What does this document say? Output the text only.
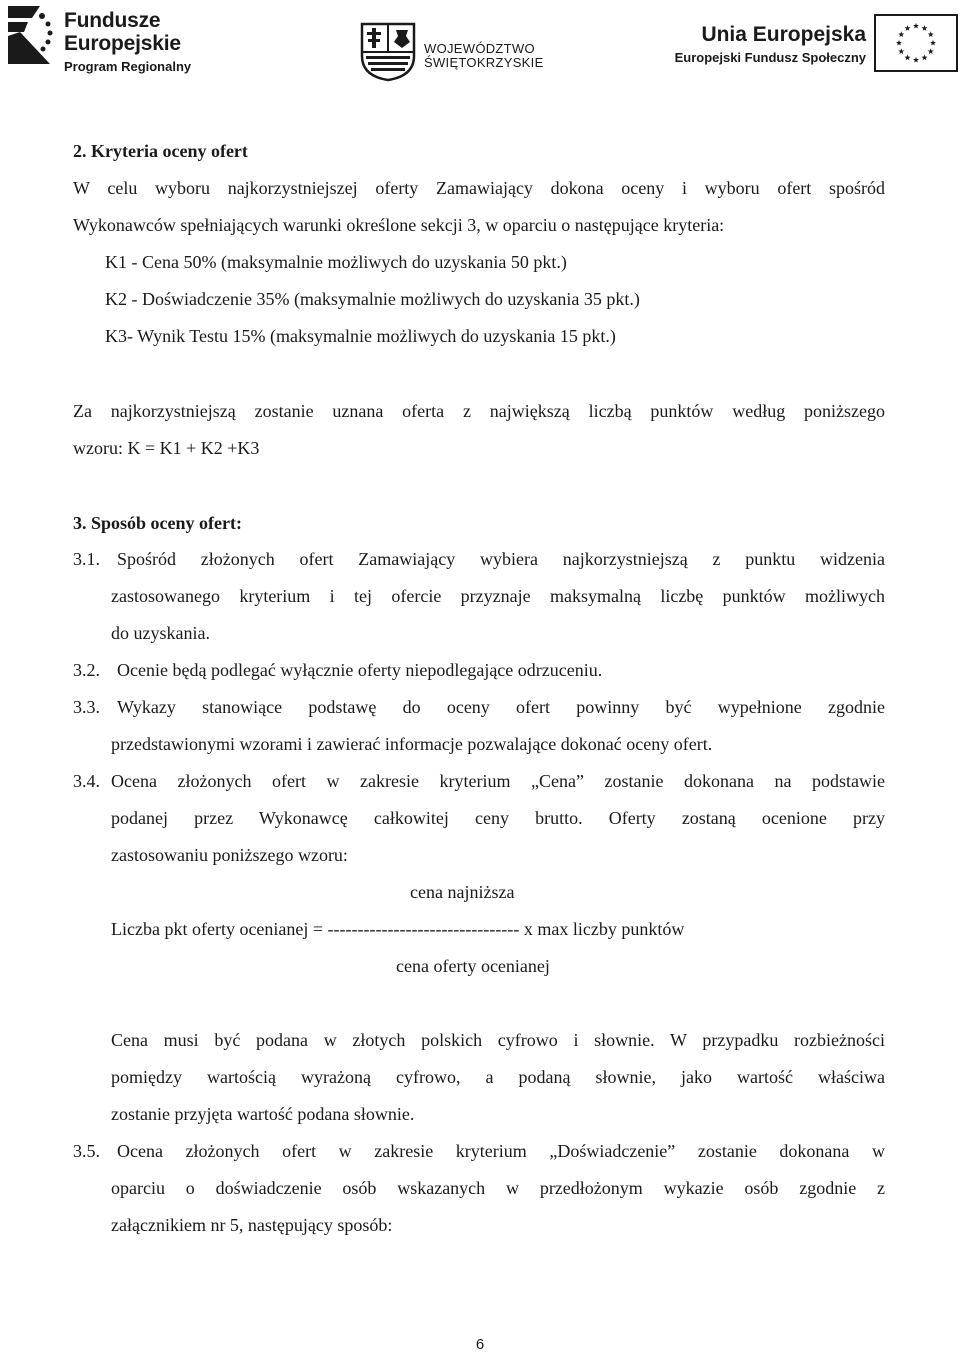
Fundusze
Europejskie
Program Regionalny
WOJEWÓDZTWO
ŚWIĘTOKRZYSKIE
Unia Europejska
Europejski Fundusz Społeczny
2. Kryteria oceny ofert
W celu wyboru najkorzystniejszej oferty Zamawiający dokona oceny i wyboru ofert spośród
Wykonawców spełniających warunki określone sekcji 3, w oparciu o następujące kryteria:
K1 - Cena 50% (maksymalnie możliwych do uzyskania 50 pkt.)
K2 - Doświadczenie 35% (maksymalnie możliwych do uzyskania 35 pkt.)
K3- Wynik Testu 15% (maksymalnie możliwych do uzyskania 15 pkt.)
Za najkorzystniejszą zostanie uznana oferta z największą liczbą punktów według poniższego
wzoru: K = K1 + K2 +K3
3. Sposób oceny ofert:
3.1. Spośród złożonych ofert Zamawiający wybiera najkorzystniejszą z punktu widzenia
zastosowanego kryterium i tej ofercie przyznaje maksymalną liczbę punktów możliwych
do uzyskania.
3.2. Ocenie będą podlegać wyłącznie oferty niepodlegające odrzuceniu.
3.3. Wykazy stanowiące podstawę do oceny ofert powinny być wypełnione zgodnie
przedstawionymi wzorami i zawierać informacje pozwalające dokonać oceny ofert.
3.4. Ocena złożonych ofert w zakresie kryterium „Cena” zostanie dokonana na podstawie
podanej przez Wykonawcę całkowitej ceny brutto. Oferty zostaną ocenione przy
zastosowaniu poniższego wzoru:
cena najniższa
Liczba pkt oferty ocenianej = -------------------------------- x max liczby punktów
cena oferty ocenianej
Cena musi być podana w złotych polskich cyfrowo i słownie. W przypadku rozbieżności
pomiędzy wartością wyrażoną cyfrowo, a podaną słownie, jako wartość właściwa
zostanie przyjęta wartość podana słownie.
3.5. Ocena złożonych ofert w zakresie kryterium „Doświadczenie” zostanie dokonana w
oparciu o doświadczenie osób wskazanych w przedłożonym wykazie osób zgodnie z
załącznikiem nr 5, następujący sposób:
6
